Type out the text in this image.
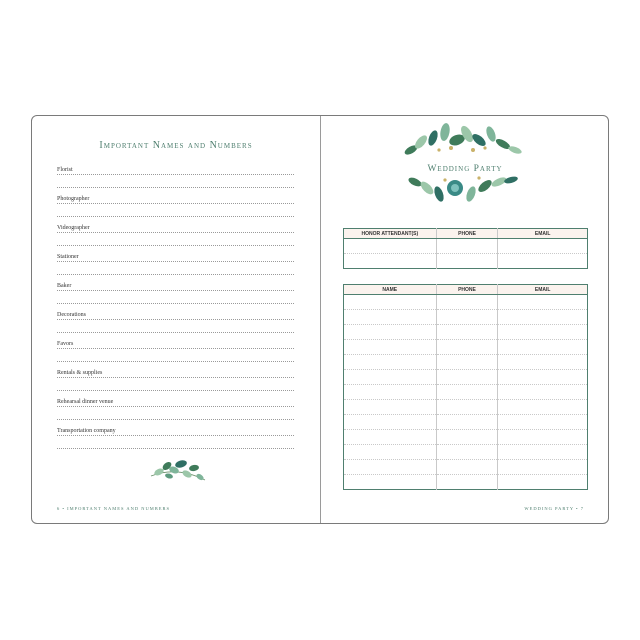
Important Names and Numbers
Florist
Photographer
Videographer
Stationer
Baker
Decorations
Favors
Rentals & supplies
Rehearsal dinner venue
Transportation company
6 • IMPORTANT NAMES AND NUMBERS
Wedding Party
HONOR ATTENDANT(S)	PHONE	EMAIL

NAME	PHONE	EMAIL

WEDDING PARTY • 7
